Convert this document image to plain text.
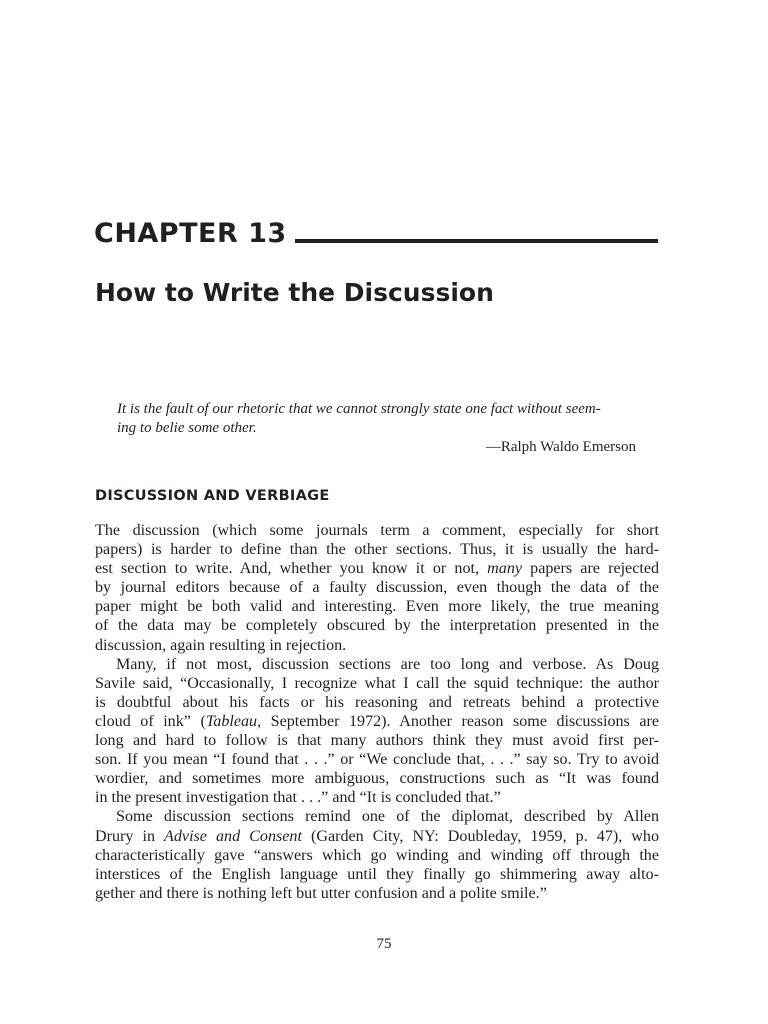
CHAPTER 13
How to Write the Discussion
It is the fault of our rhetoric that we cannot strongly state one fact without seem-
ing to belie some other.
—Ralph Waldo Emerson
DISCUSSION AND VERBIAGE
The discussion (which some journals term a comment, especially for short
papers) is harder to define than the other sections. Thus, it is usually the hard-
est section to write. And, whether you know it or not, many papers are rejected
by journal editors because of a faulty discussion, even though the data of the
paper might be both valid and interesting. Even more likely, the true meaning
of the data may be completely obscured by the interpretation presented in the
discussion, again resulting in rejection.
Many, if not most, discussion sections are too long and verbose. As Doug
Savile said, “Occasionally, I recognize what I call the squid technique: the author
is doubtful about his facts or his reasoning and retreats behind a protective
cloud of ink” (Tableau, September 1972). Another reason some discussions are
long and hard to follow is that many authors think they must avoid first per-
son. If you mean “I found that . . .” or “We conclude that, . . .” say so. Try to avoid
wordier, and sometimes more ambiguous, constructions such as “It was found
in the present investigation that . . .” and “It is concluded that.”
Some discussion sections remind one of the diplomat, described by Allen
Drury in Advise and Consent (Garden City, NY: Doubleday, 1959, p. 47), who
characteristically gave “answers which go winding and winding off through the
interstices of the English language until they finally go shimmering away alto-
gether and there is nothing left but utter confusion and a polite smile.”
75
